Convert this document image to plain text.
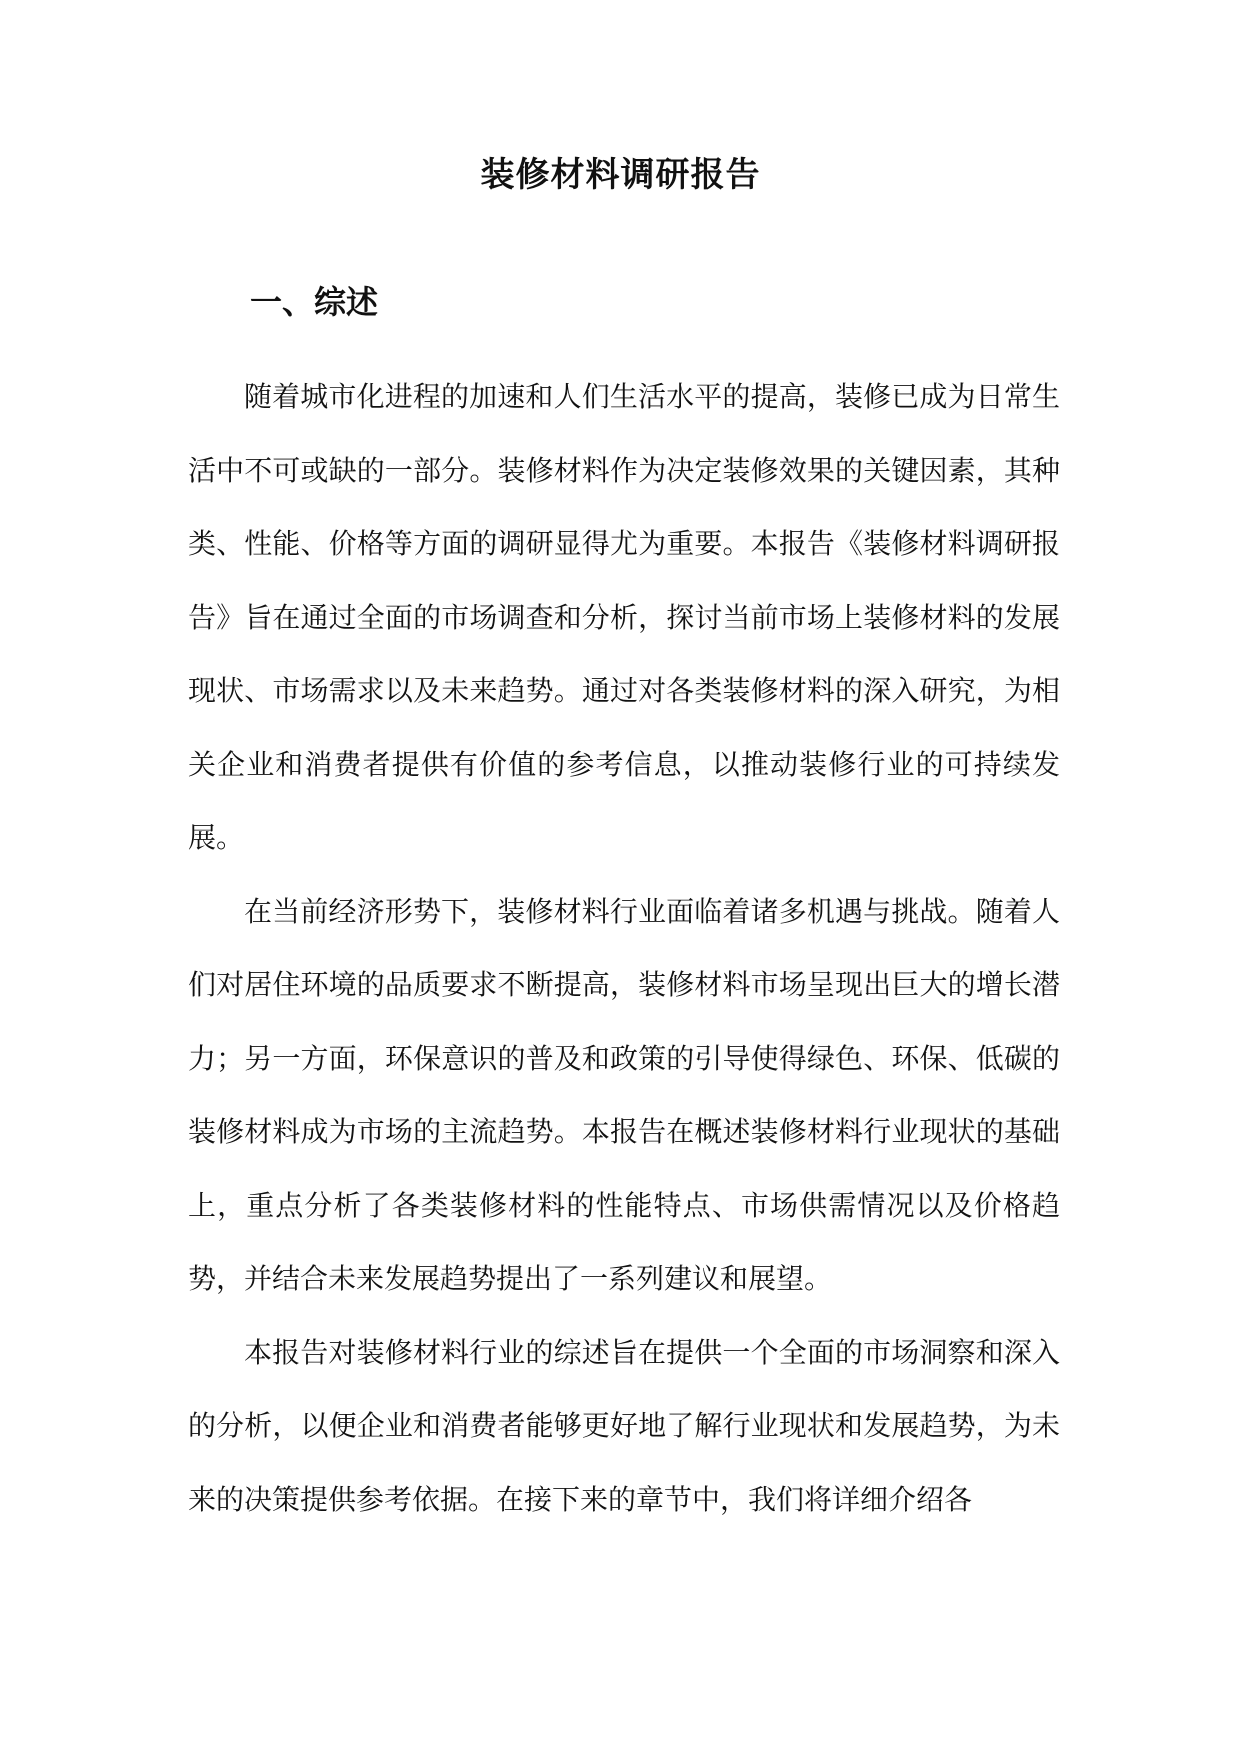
装修材料调研报告
一、综述

随着城市化进程的加速和人们生活水平的提高，装修已成为日常生活中不可或缺的一部分。装修材料作为决定装修效果的关键因素，其种类、性能、价格等方面的调研显得尤为重要。本报告《装修材料调研报告》旨在通过全面的市场调查和分析，探讨当前市场上装修材料的发展现状、市场需求以及未来趋势。通过对各类装修材料的深入研究，为相关企业和消费者提供有价值的参考信息，以推动装修行业的可持续发展。

在当前经济形势下，装修材料行业面临着诸多机遇与挑战。随着人们对居住环境的品质要求不断提高，装修材料市场呈现出巨大的增长潜力；另一方面，环保意识的普及和政策的引导使得绿色、环保、低碳的装修材料成为市场的主流趋势。本报告在概述装修材料行业现状的基础上，重点分析了各类装修材料的性能特点、市场供需情况以及价格趋势，并结合未来发展趋势提出了一系列建议和展望。

本报告对装修材料行业的综述旨在提供一个全面的市场洞察和深入的分析，以便企业和消费者能够更好地了解行业现状和发展趋势，为未来的决策提供参考依据。在接下来的章节中，我们将详细介绍各
